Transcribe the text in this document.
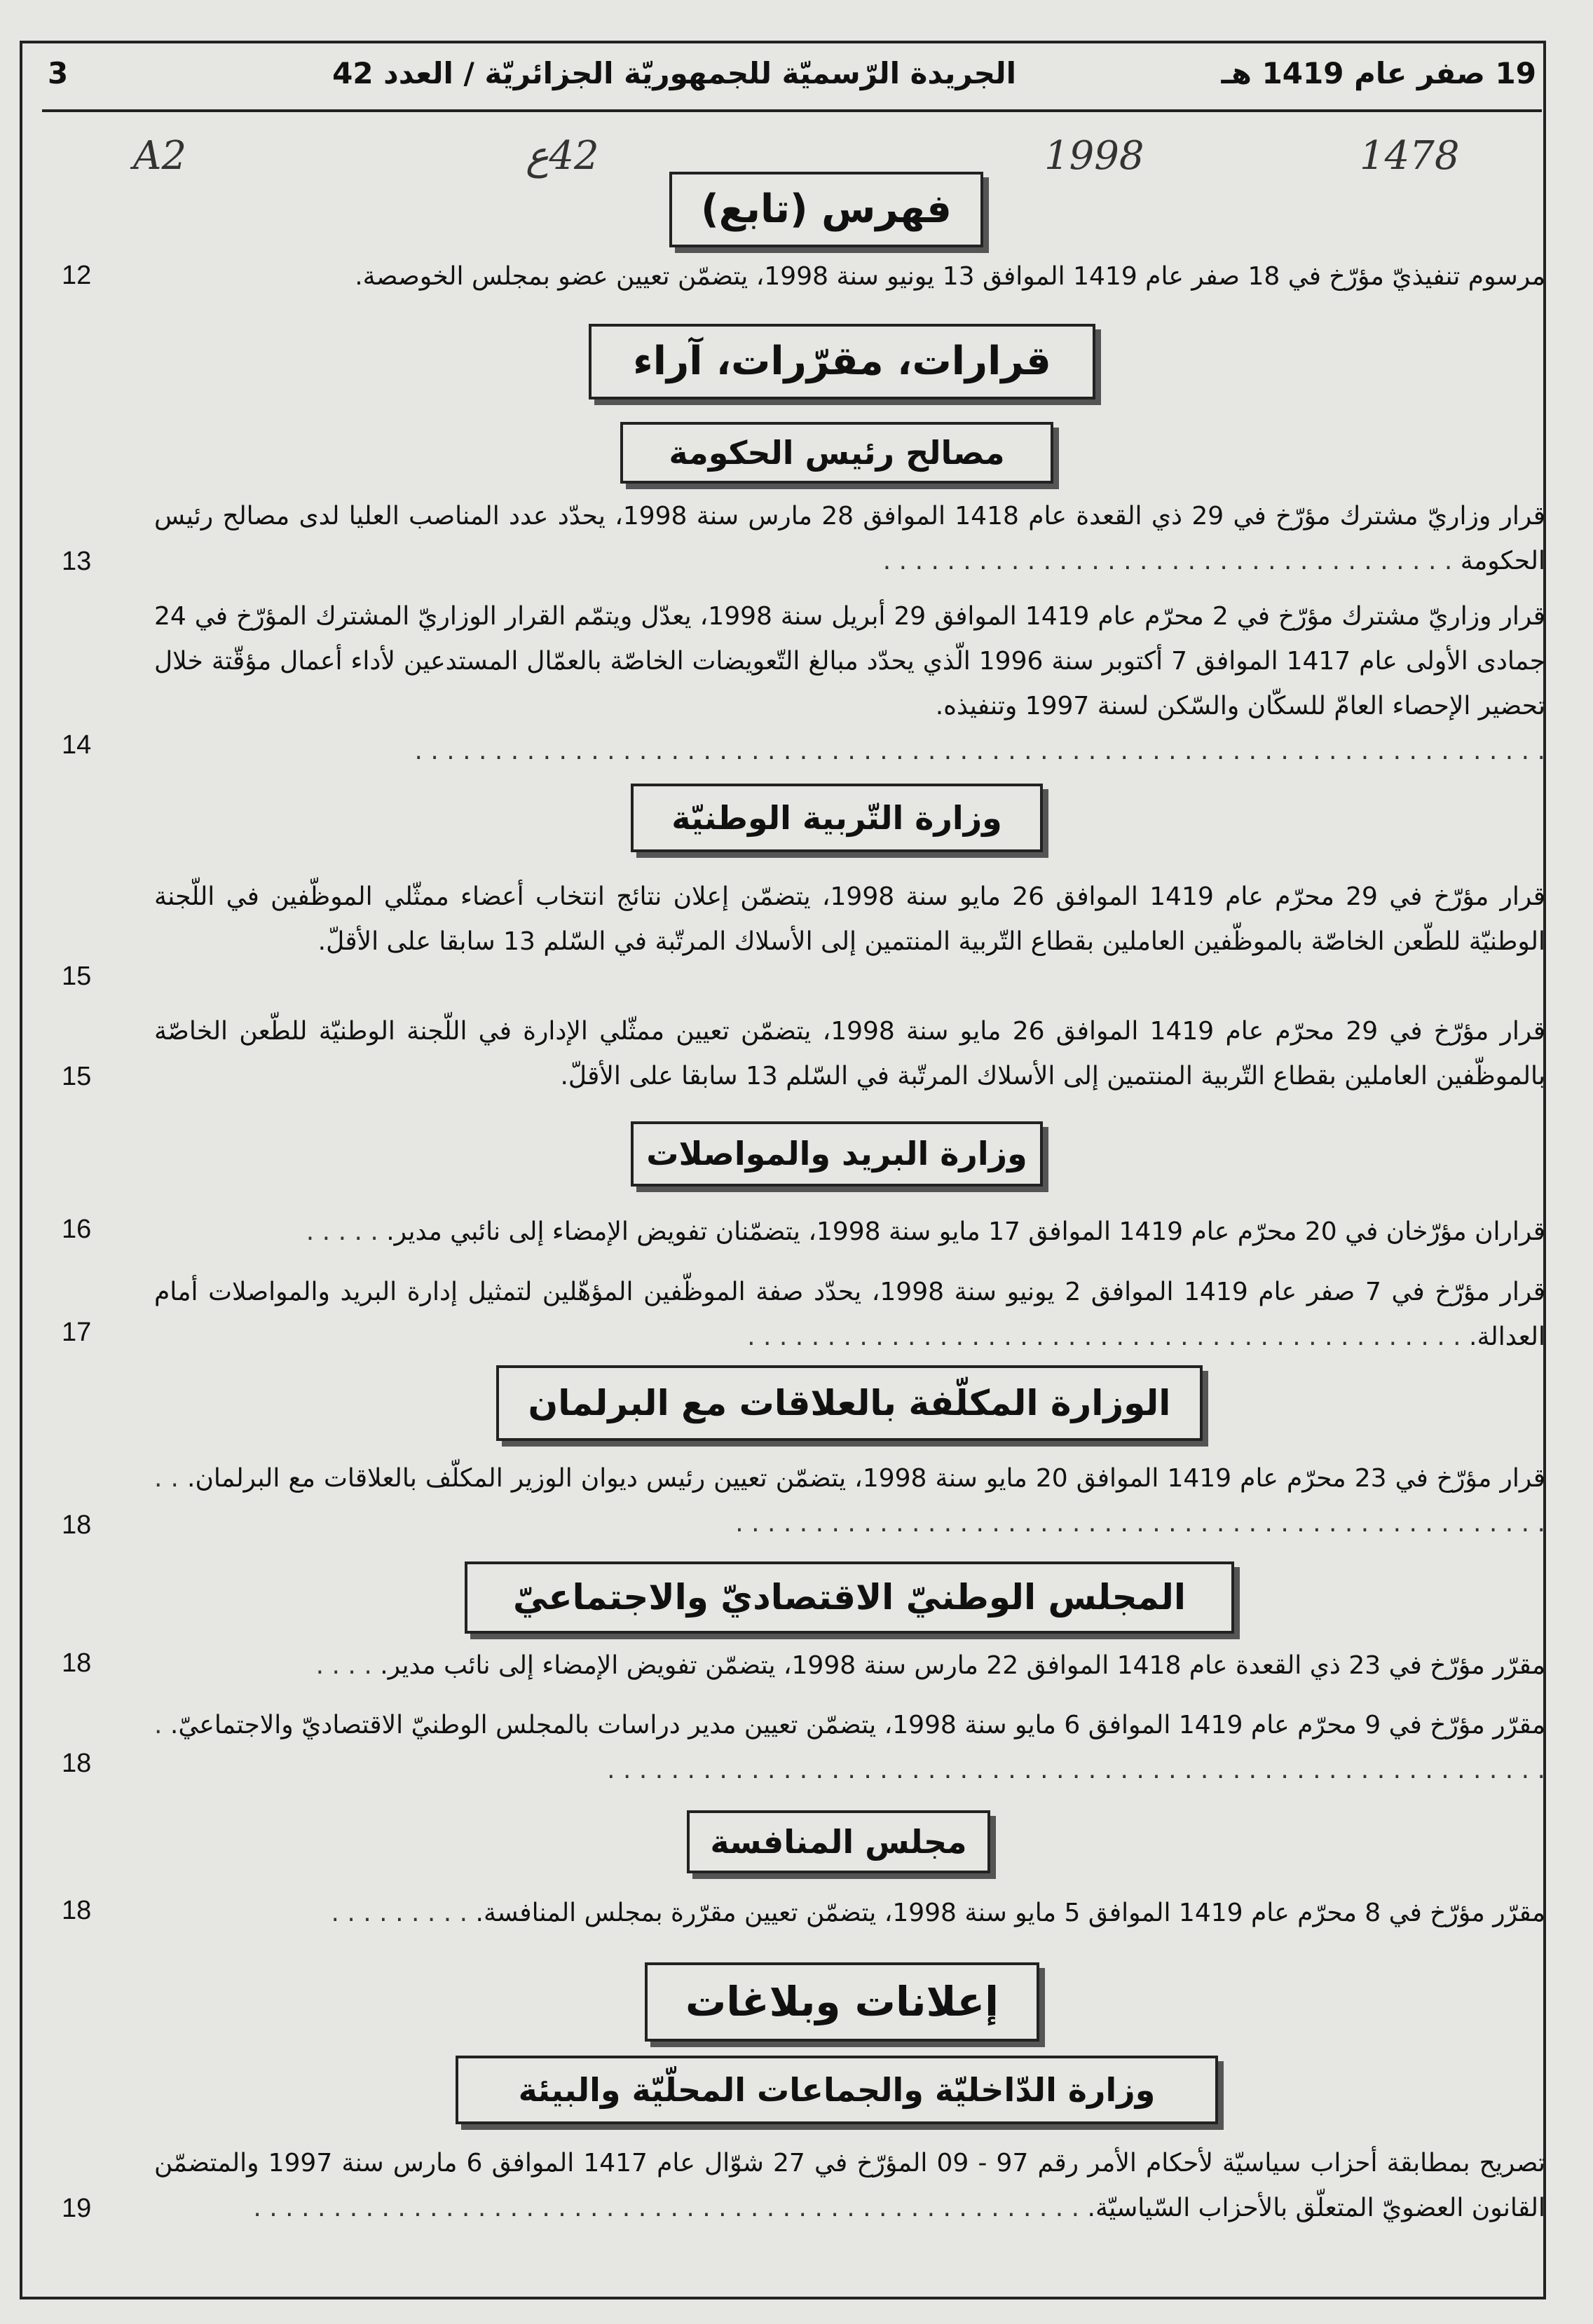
19 صفر عام 1419 هـ
الجريدة الرّسميّة للجمهوريّة الجزائريّة / العدد 42
3
A2	42ع	1998	1478
فهرس (تابع)
قرارات، مقرّرات، آراء
مصالح رئيس الحكومة
وزارة التّربية الوطنيّة
وزارة البريد والمواصلات
الوزارة المكلّفة بالعلاقات مع البرلمان
المجلس الوطنيّ الاقتصاديّ والاجتماعيّ
مجلس المنافسة
إعلانات وبلاغات
وزارة الدّاخليّة والجماعات المحلّيّة والبيئة
مرسوم تنفيذيّ مؤرّخ في 18 صفر عام 1419 الموافق 13 يونيو سنة 1998، يتضمّن تعيين عضو بمجلس الخوصصة.
12
قرار وزاريّ مشترك مؤرّخ في 29 ذي القعدة عام 1418 الموافق 28 مارس سنة 1998، يحدّد عدد المناصب العليا لدى مصالح رئيس الحكومة . . . . . . . . . . . . . . . . . . . . . . . . . . . . . . . . . . . .
13
قرار وزاريّ مشترك مؤرّخ في 2 محرّم عام 1419 الموافق 29 أبريل سنة 1998، يعدّل ويتمّم القرار الوزاريّ المشترك المؤرّخ في 24 جمادى الأولى عام 1417 الموافق 7 أكتوبر سنة 1996 الّذي يحدّد مبالغ التّعويضات الخاصّة بالعمّال المستدعين لأداء أعمال مؤقّتة خلال تحضير الإحصاء العامّ للسكّان والسّكن لسنة 1997 وتنفيذه.
. . . . . . . . . . . . . . . . . . . . . . . . . . . . . . . . . . . . . . . . . . . . . . . . . . . . . . . . . . . . . . . . . . . . . . .
14
قرار مؤرّخ في 29 محرّم عام 1419 الموافق 26 مايو سنة 1998، يتضمّن إعلان نتائج انتخاب أعضاء ممثّلي الموظّفين في اللّجنة الوطنيّة للطّعن الخاصّة بالموظّفين العاملين بقطاع التّربية المنتمين إلى الأسلاك المرتّبة في السّلم 13 سابقا على الأقلّ.
15
قرار مؤرّخ في 29 محرّم عام 1419 الموافق 26 مايو سنة 1998، يتضمّن تعيين ممثّلي الإدارة في اللّجنة الوطنيّة للطّعن الخاصّة بالموظّفين العاملين بقطاع التّربية المنتمين إلى الأسلاك المرتّبة في السّلم 13 سابقا على الأقلّ.
15
قراران مؤرّخان في 20 محرّم عام 1419 الموافق 17 مايو سنة 1998، يتضمّنان تفويض الإمضاء إلى نائبي مدير. . . . . .
16
قرار مؤرّخ في 7 صفر عام 1419 الموافق 2 يونيو سنة 1998، يحدّد صفة الموظّفين المؤهّلين لتمثيل إدارة البريد والمواصلات أمام العدالة. . . . . . . . . . . . . . . . . . . . . . . . . . . . . . . . . . . . . . . . . . . . . .
17
قرار مؤرّخ في 23 محرّم عام 1419 الموافق 20 مايو سنة 1998، يتضمّن تعيين رئيس ديوان الوزير المكلّف بالعلاقات مع البرلمان. . . . . . . . . . . . . . . . . . . . . . . . . . . . . . . . . . . . . . . . . . . . . . . . . . . . . .
18
مقرّر مؤرّخ في 23 ذي القعدة عام 1418 الموافق 22 مارس سنة 1998، يتضمّن تفويض الإمضاء إلى نائب مدير. . . . .
18
مقرّر مؤرّخ في 9 محرّم عام 1419 الموافق 6 مايو سنة 1998، يتضمّن تعيين مدير دراسات بالمجلس الوطنيّ الاقتصاديّ والاجتماعيّ. . . . . . . . . . . . . . . . . . . . . . . . . . . . . . . . . . . . . . . . . . . . . . . . . . . . . . . . . . . . .
18
مقرّر مؤرّخ في 8 محرّم عام 1419 الموافق 5 مايو سنة 1998، يتضمّن تعيين مقرّرة بمجلس المنافسة. . . . . . . . . .
18
تصريح بمطابقة أحزاب سياسيّة لأحكام الأمر رقم 97 - 09 المؤرّخ في 27 شوّال عام 1417 الموافق 6 مارس سنة 1997 والمتضمّن القانون العضويّ المتعلّق بالأحزاب السّياسيّة. . . . . . . . . . . . . . . . . . . . . . . . . . . . . . . . . . . . . . . . . . . . . . . . . . . . .
19
